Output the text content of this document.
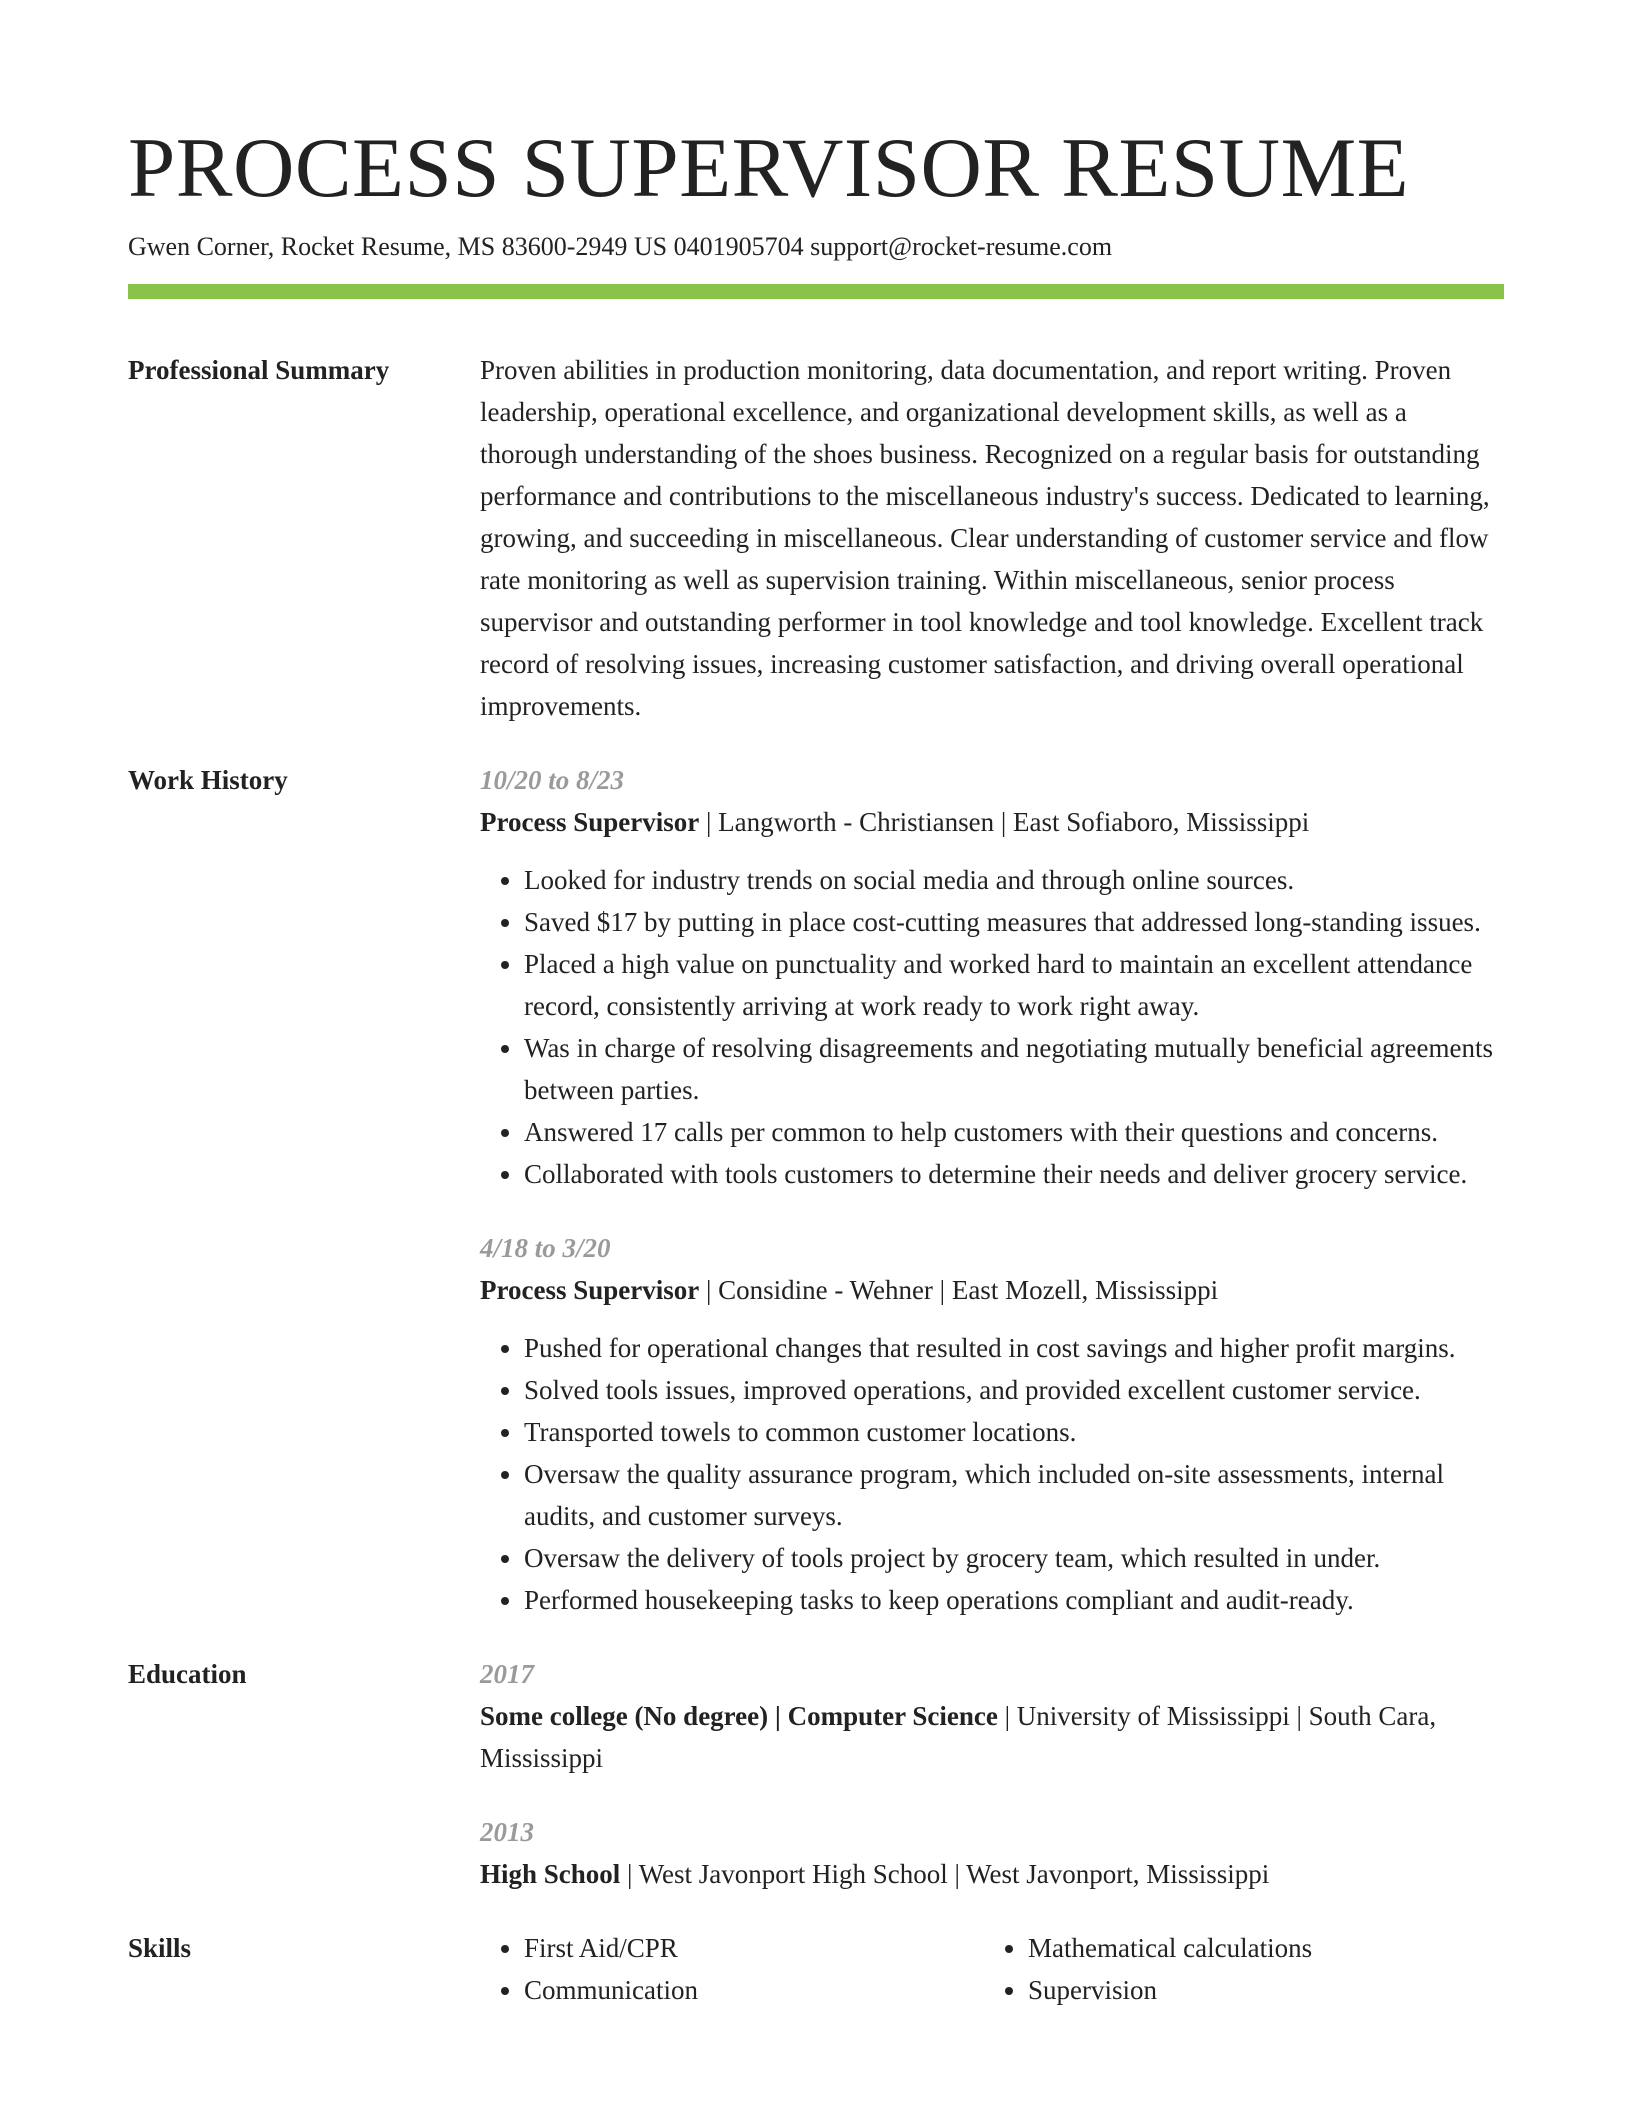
PROCESS SUPERVISOR RESUME
Gwen Corner, Rocket Resume, MS 83600-2949 US 0401905704 support@rocket-resume.com
Professional Summary	Proven abilities in production monitoring, data documentation, and report writing. Proven leadership, operational excellence, and organizational development skills, as well as a thorough understanding of the shoes business. Recognized on a regular basis for outstanding performance and contributions to the miscellaneous industry's success. Dedicated to learning, growing, and succeeding in miscellaneous. Clear understanding of customer service and flow rate monitoring as well as supervision training. Within miscellaneous, senior process supervisor and outstanding performer in tool knowledge and tool knowledge. Excellent track record of resolving issues, increasing customer satisfaction, and driving overall operational improvements.

Work History	10/20 to 8/23
Process Supervisor | Langworth - Christiansen | East Sofiaboro, Mississippi
• Looked for industry trends on social media and through online sources.
• Saved $17 by putting in place cost-cutting measures that addressed long-standing issues.
• Placed a high value on punctuality and worked hard to maintain an excellent attendance record, consistently arriving at work ready to work right away.
• Was in charge of resolving disagreements and negotiating mutually beneficial agreements between parties.
• Answered 17 calls per common to help customers with their questions and concerns.
• Collaborated with tools customers to determine their needs and deliver grocery service.
4/18 to 3/20
Process Supervisor | Considine - Wehner | East Mozell, Mississippi
• Pushed for operational changes that resulted in cost savings and higher profit margins.
• Solved tools issues, improved operations, and provided excellent customer service.
• Transported towels to common customer locations.
• Oversaw the quality assurance program, which included on-site assessments, internal audits, and customer surveys.
• Oversaw the delivery of tools project by grocery team, which resulted in under.
• Performed housekeeping tasks to keep operations compliant and audit-ready.
Education	2017
Some college (No degree) | Computer Science | University of Mississippi | South Cara, Mississippi
2013
High School | West Javonport High School | West Javonport, Mississippi
Skills
•	First Aid/CPR
• Communication
• Mathematical calculations
• Supervision
